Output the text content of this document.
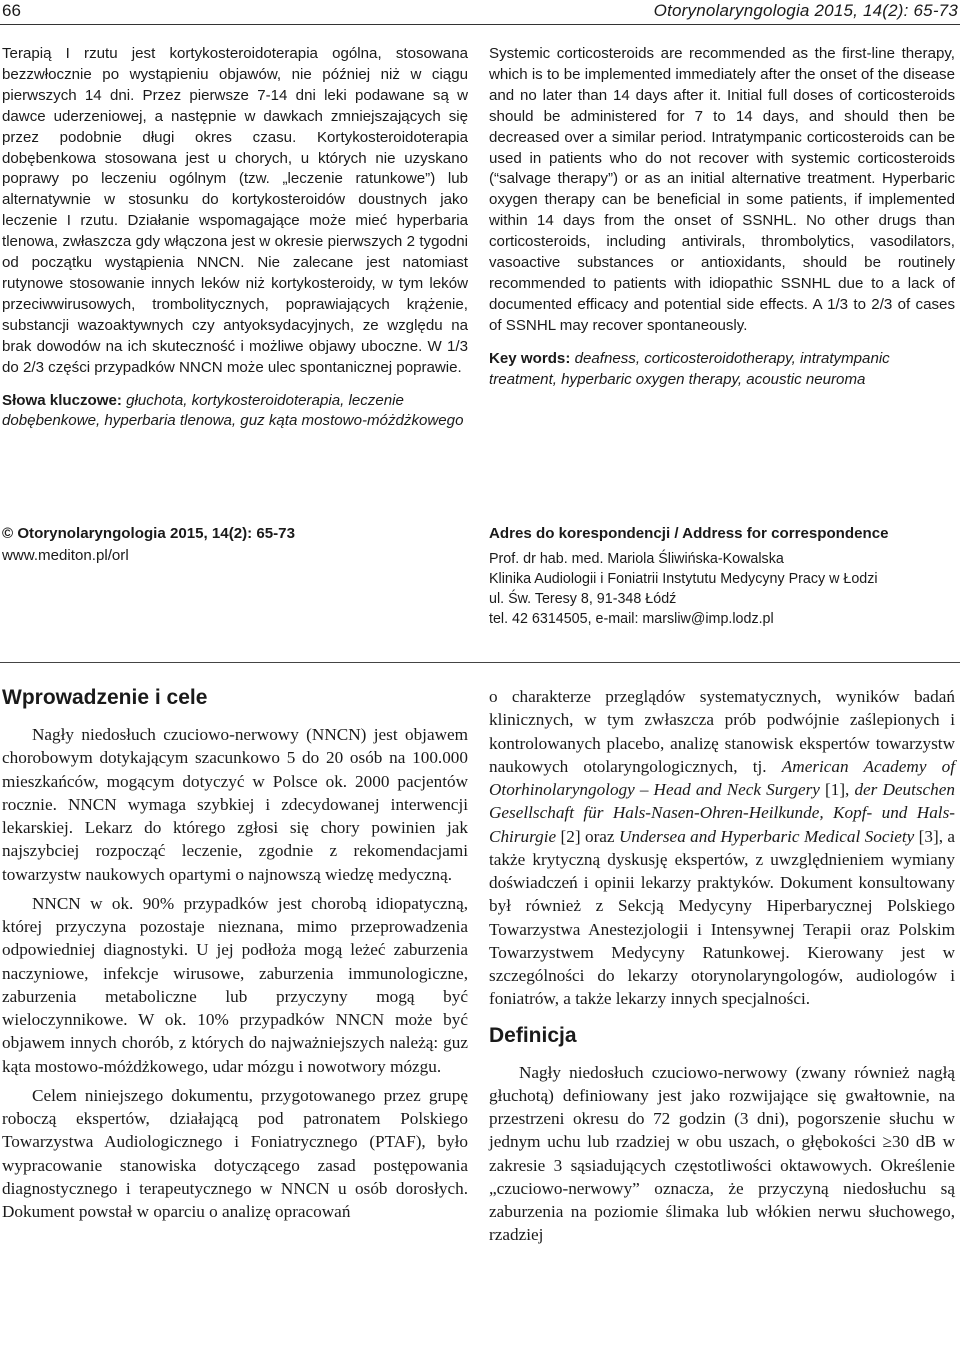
66	Otorynolaryngologia 2015, 14(2): 65-73
Terapią I rzutu jest kortykosteroidoterapia ogólna, stosowana bezzwłocznie po wystąpieniu objawów, nie później niż w ciągu pierwszych 14 dni. Przez pierwsze 7-14 dni leki podawane są w dawce uderzeniowej, a następnie w dawkach zmniejszających się przez podobnie długi okres czasu. Kortykosteroidoterapia dobębenkowa stosowana jest u chorych, u których nie uzyskano poprawy po leczeniu ogólnym (tzw. „leczenie ratunkowe”) lub alternatywnie w stosunku do kortykosteroidów doustnych jako leczenie I rzutu. Działanie wspomagające może mieć hyperbaria tlenowa, zwłaszcza gdy włączona jest w okresie pierwszych 2 tygodni od początku wystąpienia NNCN. Nie zalecane jest natomiast rutynowe stosowanie innych leków niż kortykosteroidy, w tym leków przeciwwirusowych, trombolitycznych, poprawiających krążenie, substancji wazoaktywnych czy antyoksydacyjnych, ze względu na brak dowodów na ich skuteczność i możliwe objawy uboczne. W 1/3 do 2/3 części przypadków NNCN może ulec spontanicznej poprawie.
Słowa kluczowe: głuchota, kortykosteroidoterapia, leczenie dobębenkowe, hyperbaria tlenowa, guz kąta mostowo-móżdżkowego
Systemic corticosteroids are recommended as the first-line therapy, which is to be implemented immediately after the onset of the disease and no later than 14 days after it. Initial full doses of corticosteroids should be administered for 7 to 14 days, and should then be decreased over a similar period. Intratympanic corticosteroids can be used in patients who do not recover with systemic corticosteroids (“salvage therapy”) or as an initial alternative treatment. Hyperbaric oxygen therapy can be beneficial in some patients, if implemented within 14 days from the onset of SSNHL. No other drugs than corticosteroids, including antivirals, thrombolytics, vasodilators, vasoactive substances or antioxidants, should be routinely recommended to patients with idiopathic SSNHL due to a lack of documented efficacy and potential side effects. A 1/3 to 2/3 of cases of SSNHL may recover spontaneously.
Key words: deafness, corticosteroidotherapy, intratympanic treatment, hyperbaric oxygen therapy, acoustic neuroma
© Otorynolaryngologia 2015, 14(2): 65-73
www.mediton.pl/orl
Adres do korespondencji / Address for correspondence
Prof. dr hab. med. Mariola Śliwińska-Kowalska
Klinika Audiologii i Foniatrii Instytutu Medycyny Pracy w Łodzi
ul. Św. Teresy 8, 91-348 Łódź
tel. 42 6314505, e-mail: marsliw@imp.lodz.pl
Wprowadzenie i cele

Nagły niedosłuch czuciowo-nerwowy (NNCN) jest objawem chorobowym dotykającym szacunkowo 5 do 20 osób na 100.000 mieszkańców, mogącym dotyczyć w Polsce ok. 2000 pacjentów rocznie. NNCN wymaga szybkiej i zdecydowanej interwencji lekarskiej. Lekarz do którego zgłosi się chory powinien jak najszybciej rozpocząć leczenie, zgodnie z rekomendacjami towarzystw naukowych opartymi o najnowszą wiedzę medyczną.

NNCN w ok. 90% przypadków jest chorobą idiopatyczną, której przyczyna pozostaje nieznana, mimo przeprowadzenia odpowiedniej diagnostyki. U jej podłoża mogą leżeć zaburzenia naczyniowe, infekcje wirusowe, zaburzenia immunologiczne, zaburzenia metaboliczne lub przyczyny mogą być wieloczynnikowe. W ok. 10% przypadków NNCN może być objawem innych chorób, z których do najważniejszych należą: guz kąta mostowo-móżdżkowego, udar mózgu i nowotwory mózgu.

Celem niniejszego dokumentu, przygotowanego przez grupę roboczą ekspertów, działającą pod patronatem Polskiego Towarzystwa Audiologicznego i Foniatrycznego (PTAF), było wypracowanie stanowiska dotyczącego zasad postępowania diagnostycznego i terapeutycznego w NNCN u osób dorosłych. Dokument powstał w oparciu o analizę opracowań

o charakterze przeglądów systematycznych, wyników badań klinicznych, w tym zwłaszcza prób podwójnie zaślepionych i kontrolowanych placebo, analizę stanowisk ekspertów towarzystw naukowych otolaryngologicznych, tj. American Academy of Otorhinolaryngology – Head and Neck Surgery [1], der Deutschen Gesellschaft für Hals-Nasen-Ohren-Heilkunde, Kopf- und Hals-Chirurgie [2] oraz Undersea and Hyperbaric Medical Society [3], a także krytyczną dyskusję ekspertów, z uwzględnieniem wymiany doświadczeń i opinii lekarzy praktyków. Dokument konsultowany był również z Sekcją Medycyny Hiperbarycznej Polskiego Towarzystwa Anestezjologii i Intensywnej Terapii oraz Polskim Towarzystwem Medycyny Ratunkowej. Kierowany jest w szczególności do lekarzy otorynolaryngologów, audiologów i foniatrów, a także lekarzy innych specjalności.

Definicja

Nagły niedosłuch czuciowo-nerwowy (zwany również nagłą głuchotą) definiowany jest jako rozwijające się gwałtownie, na przestrzeni okresu do 72 godzin (3 dni), pogorszenie słuchu w jednym uchu lub rzadziej w obu uszach, o głębokości ≥30 dB w zakresie 3 sąsiadujących częstotliwości oktawowych. Określenie „czuciowo-nerwowy” oznacza, że przyczyną niedosłuchu są zaburzenia na poziomie ślimaka lub włókien nerwu słuchowego, rzadziej
